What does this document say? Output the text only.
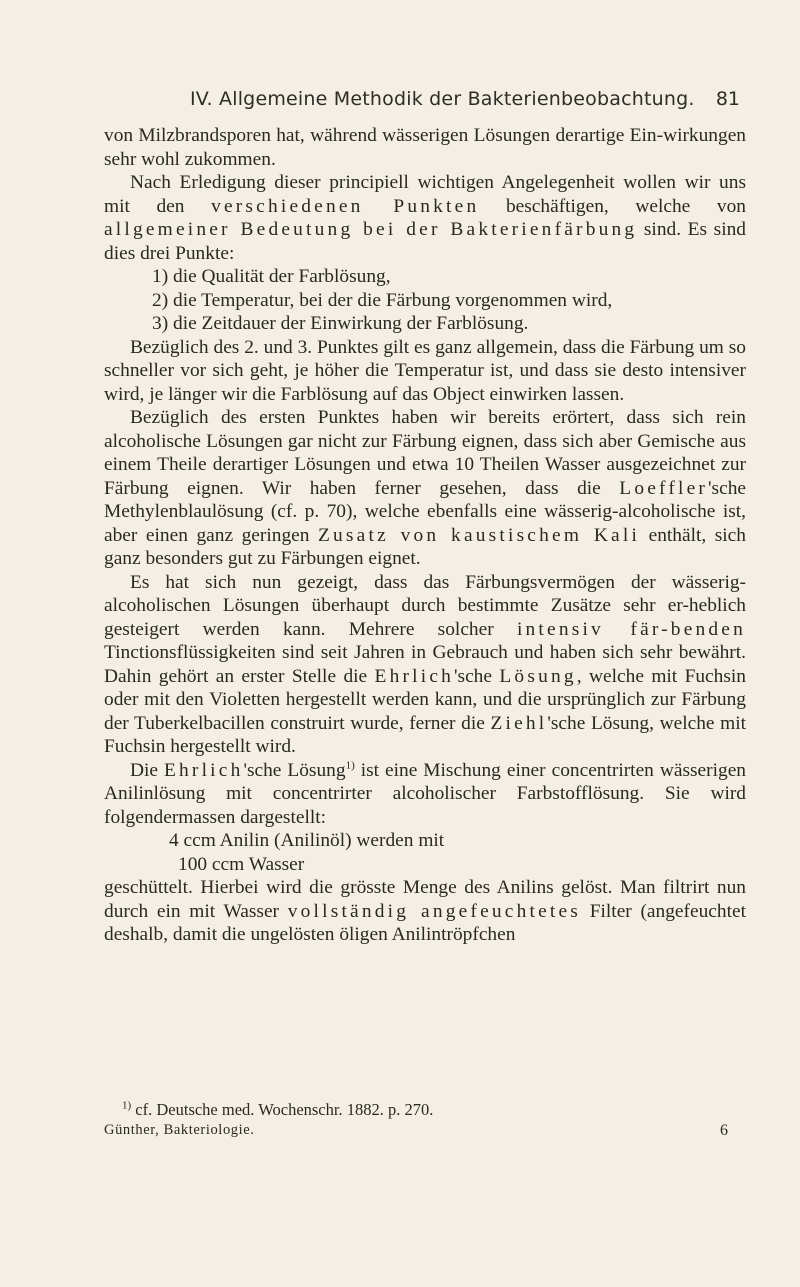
IV. Allgemeine Methodik der Bakterienbeobachtung. 81

von Milzbrandsporen hat, während wässerigen Lösungen derartige Ein-wirkungen sehr wohl zukommen.

Nach Erledigung dieser principiell wichtigen Angelegenheit wollen wir uns mit den verschiedenen Punkten beschäftigen, welche von allgemeiner Bedeutung bei der Bakterienfärbung sind. Es sind dies drei Punkte:

1) die Qualität der Farblösung,

2) die Temperatur, bei der die Färbung vorgenommen wird,

3) die Zeitdauer der Einwirkung der Farblösung.

Bezüglich des 2. und 3. Punktes gilt es ganz allgemein, dass die Färbung um so schneller vor sich geht, je höher die Temperatur ist, und dass sie desto intensiver wird, je länger wir die Farblösung auf das Object einwirken lassen.

Bezüglich des ersten Punktes haben wir bereits erörtert, dass sich rein alcoholische Lösungen gar nicht zur Färbung eignen, dass sich aber Gemische aus einem Theile derartiger Lösungen und etwa 10 Theilen Wasser ausgezeichnet zur Färbung eignen. Wir haben ferner gesehen, dass die Loeffler'sche Methylenblaulösung (cf. p. 70), welche ebenfalls eine wässerig-alcoholische ist, aber einen ganz geringen Zusatz von kaustischem Kali enthält, sich ganz besonders gut zu Färbungen eignet.

Es hat sich nun gezeigt, dass das Färbungsvermögen der wässerig-alcoholischen Lösungen überhaupt durch bestimmte Zusätze sehr er-heblich gesteigert werden kann. Mehrere solcher intensiv fär-benden Tinctionsflüssigkeiten sind seit Jahren in Gebrauch und haben sich sehr bewährt. Dahin gehört an erster Stelle die Ehrlich'sche Lösung, welche mit Fuchsin oder mit den Violetten hergestellt werden kann, und die ursprünglich zur Färbung der Tuberkelbacillen construirt wurde, ferner die Ziehl'sche Lösung, welche mit Fuchsin hergestellt wird.

Die Ehrlich'sche Lösung$^{1)}$ ist eine Mischung einer concentrirten wässerigen Anilinlösung mit concentrirter alcoholischer Farbstofflösung. Sie wird folgendermassen dargestellt:

4 ccm Anilin (Anilinöl) werden mit

100 ccm Wasser

geschüttelt. Hierbei wird die grösste Menge des Anilins gelöst. Man filtrirt nun durch ein mit Wasser vollständig angefeuchtetes Filter (angefeuchtet deshalb, damit die ungelösten öligen Anilintröpfchen

$^{1)}$ cf. Deutsche med. Wochenschr. 1882. p. 270.
Günther, Bakteriologie.	6
